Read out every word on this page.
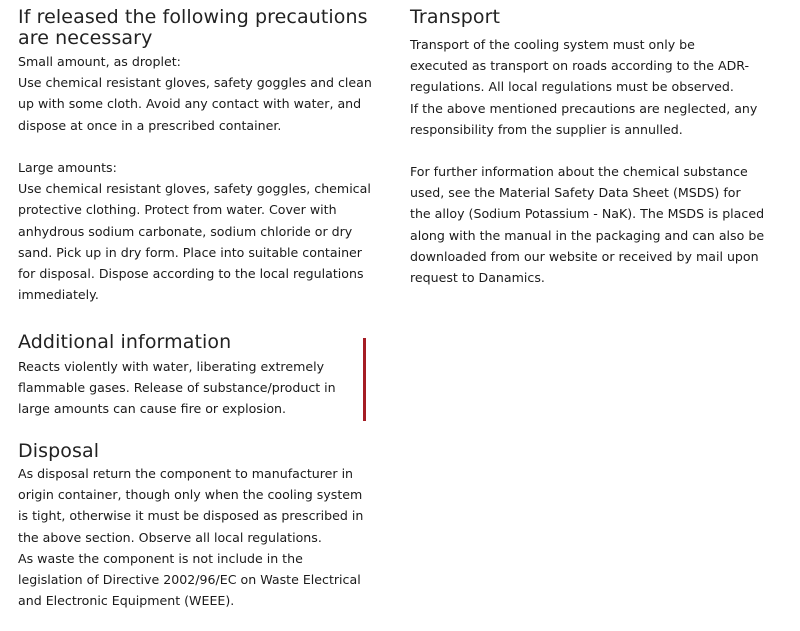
If released the following precautions
are necessary

Small amount, as droplet:

Use chemical resistant gloves, safety goggles and clean

up with some cloth. Avoid any contact with water, and

dispose at once in a prescribed container.

Large amounts:

Use chemical resistant gloves, safety goggles, chemical

protective clothing. Protect from water. Cover with

anhydrous sodium carbonate, sodium chloride or dry

sand. Pick up in dry form. Place into suitable container

for disposal. Dispose according to the local regulations

immediately.

Additional information

Reacts violently with water, liberating extremely

flammable gases. Release of substance/product in

large amounts can cause fire or explosion.

Disposal

As disposal return the component to manufacturer in

origin container, though only when the cooling system

is tight, otherwise it must be disposed as prescribed in

the above section. Observe all local regulations.

As waste the component is not include in the

legislation of Directive 2002/96/EC on Waste Electrical

and Electronic Equipment (WEEE).

Transport

Transport of the cooling system must only be

executed as transport on roads according to the ADR-

regulations. All local regulations must be observed.

If the above mentioned precautions are neglected, any

responsibility from the supplier is annulled.

For further information about the chemical substance

used, see the Material Safety Data Sheet (MSDS) for

the alloy (Sodium Potassium - NaK). The MSDS is placed

along with the manual in the packaging and can also be

downloaded from our website or received by mail upon

request to Danamics.
